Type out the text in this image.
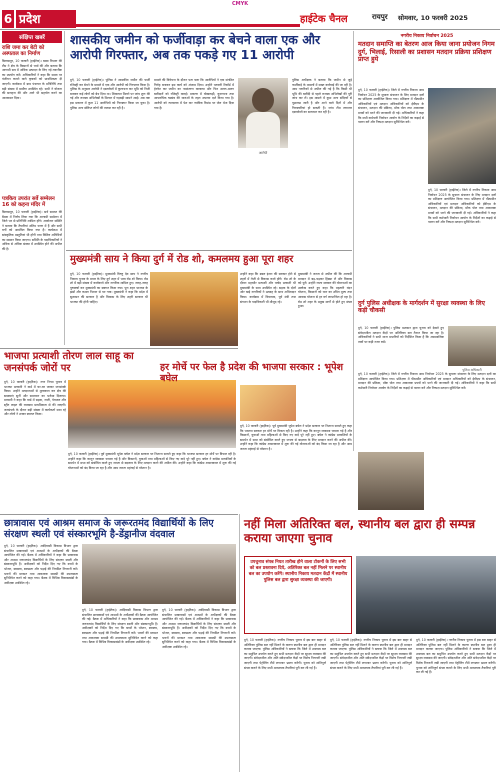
CMYK
6 प्रदेश	हाईटेक चैनल	रायपुर सोमवार, 10 फरवरी 2025
संक्षिप्त खबरें
राशि जमा कर बेटी को अस्पताल का निर्माण
बिलासपुर, 10 फरवरी (हाईटेक)। खाद्य विभाग की टीम ने क्षेत्र के किसानों से चर्चा की और बताया कि आगामी सत्र में अधिक उत्पादन के लिए नई तकनीक का उपयोग करें। अधिकारियों ने कहा कि समय पर पंजीयन कराने वाले कृषकों को प्राथमिकता दी जाएगी। कार्यक्रम में ग्राम पंचायत के प्रतिनिधि तथा बड़ी संख्या में ग्रामीण उपस्थित रहे। सभी ने योजना की सराहना की और आगे भी सहयोग करने का आश्वासन दिया।
पत्रकिय उपरांत सर्वे सम्मेलन 16 को कहना मंदिर में
बिलासपुर, 10 फरवरी (हाईटेक)। सर्व समाज की बैठक में निर्णय लिया गया कि आगामी सम्मेलन में जिले भर से प्रतिनिधि शामिल होंगे। आयोजन समिति ने बताया कि तैयारियां अंतिम चरण में हैं और सभी वर्गों को आमंत्रित किया गया है। कार्यक्रम में सांस्कृतिक प्रस्तुतियां भी होंगी तथा विशिष्ट अतिथियों का सम्मान किया जाएगा। समिति के पदाधिकारियों ने अधिक से अधिक संख्या में उपस्थित होने की अपील की है।
शासकीय जमीन को फर्जीवाड़ा कर बेचने वाला एक और आरोपी गिरफ्तार, अब तक पकड़े गए 11 आरोपी
आरोपी
दुर्ग, 10 फरवरी (हाईटेक)। पुलिस ने शासकीय जमीन की फर्जी रजिस्ट्री कर बेचने के मामले में एक और आरोपी को गिरफ्तार किया है। पुलिस के अनुसार आरोपी ने दस्तावेजों में कूटरचना कर भूमि को निजी बताकर कई लोगों को बेच दिया था। शिकायत मिलने पर जांच शुरू की गई और राजस्व अभिलेखों के मिलान में गड़बड़ी सामने आई। अब तक इस प्रकरण में कुल 11 आरोपियों को गिरफ्तार किया जा चुका है। पुलिस अन्य संलिप्त लोगों की तलाश कर रही है।
मामले की विवेचना के दौरान पता चला कि आरोपियों ने एक संगठित गिरोह बनाकर इस कार्य को अंजाम दिया। उन्होंने पटवारी रिकॉर्ड में हेरफेर कर जमीन का नामांतरण करवाया और फिर अलग-अलग खरीदारों को रजिस्ट्री कराई। प्रकरण में धोखाधड़ी, कूटरचना तथा आपराधिक षड्यंत्र की धाराओं के तहत अपराध दर्ज किया गया है। आरोपी को न्यायालय में पेश कर न्यायिक रिमांड पर जेल भेज दिया गया है।
पुलिस अधीक्षक ने बताया कि जमीन से जुड़े फर्जीवाड़े के मामलों में सख्त कार्रवाई की जा रही है। आम नागरिकों से अपील की गई है कि किसी भी भूमि की खरीदी से पहले राजस्व अभिलेखों की पूरी जांच कर लें। इस मामले में कुछ अन्य संदिग्धों से पूछताछ जारी है और आने वाले दिनों में और गिरफ्तारियां हो सकती हैं। जांच टीम लगातार दस्तावेजों का सत्यापन कर रही है।
नगरीय निकाय निर्वाचन 2025
मतदान समाप्ति का बेतरण आज किया जाना प्रयोजन निगम दुर्ग, भिलाई, रिसाली का प्रशासन मतदान प्रक्रिया प्रशिक्षण प्राप्त हुये
दुर्ग, 10 फरवरी (हाईटेक)। जिले में नगरीय निकाय आम निर्वाचन 2025 के सुचारू संचालन के लिए मतदान दलों का प्रशिक्षण आयोजित किया गया। प्रशिक्षण में पीठासीन अधिकारियों एवं मतदान अधिकारियों को ईवीएम के संचालन, मतदान की प्रक्रिया, मॉक पोल तथा आवश्यक प्रपत्रों को भरने की जानकारी दी गई। अधिकारियों ने कहा कि सभी कर्मचारी निर्वाचन आयोग के निर्देशों का कड़ाई से पालन करें और निष्पक्ष मतदान सुनिश्चित करें।
दुर्ग, 10 फरवरी (हाईटेक)। जिले में नगरीय निकाय आम निर्वाचन 2025 के सुचारू संचालन के लिए मतदान दलों का प्रशिक्षण आयोजित किया गया। प्रशिक्षण में पीठासीन अधिकारियों एवं मतदान अधिकारियों को ईवीएम के संचालन, मतदान की प्रक्रिया, मॉक पोल तथा आवश्यक प्रपत्रों को भरने की जानकारी दी गई। अधिकारियों ने कहा कि सभी कर्मचारी निर्वाचन आयोग के निर्देशों का कड़ाई से पालन करें और निष्पक्ष मतदान सुनिश्चित करें।
दुर्ग पुलिस अधीक्षक के मार्गदर्शन में सुरक्षा व्यवस्था के लिए कड़ी चौकसी
पुलिस अधिकारी
दुर्ग, 10 फरवरी (हाईटेक)। पुलिस प्रशासन द्वारा चुनाव को देखते हुए संवेदनशील मतदान केंद्रों पर अतिरिक्त बल तैनात किया जा रहा है। अधिकारियों ने सभी थाना प्रभारियों को निर्देशित किया है कि असामाजिक तत्वों पर कड़ी नजर रखें।
मुख्यमंत्री साय ने किया दुर्ग में रोड शो, कमलमय हुआ पूरा शहर
दुर्ग, 10 फरवरी (हाईटेक)। मुख्यमंत्री विष्णु देव साय ने नगरीय निकाय चुनाव के प्रचार के लिए दुर्ग शहर में भव्य रोड शो किया। रोड शो में बड़ी संख्या में कार्यकर्ता और नागरिक शामिल हुए। जगह-जगह पुष्पवर्षा कर मुख्यमंत्री का स्वागत किया गया। पूरा शहर भाजपा के झंडों और कमल निशान से पट गया। मुख्यमंत्री ने कहा कि प्रदेश में सुशासन की सरकार है और विकास के लिए शहरी सरकार भी भाजपा की होनी चाहिए।
उन्होंने कहा कि डबल इंजन की सरकार होने से शहरों में तेजी से विकास कार्य होंगे। रोड शो के दौरान महापौर प्रत्याशी और पार्षद प्रत्याशी भी मुख्यमंत्री के साथ उपस्थित रहे। सड़क के दोनों ओर खड़े नागरिकों ने उत्साह के साथ अभिवादन किया। कार्यक्रम में विधायक, पूर्व मंत्री तथा संगठन के पदाधिकारी भी मौजूद रहे।
मुख्यमंत्री ने जनता से अपील की कि आगामी मतदान में बढ़-चढ़कर हिस्सा लें और विकास को चुनें। उन्होंने राज्य सरकार की योजनाओं का उल्लेख करते हुए कहा कि महतारी वंदन योजना, किसानों को धान का उचित मूल्य तथा आवास योजना से हर वर्ग लाभान्वित हो रहा है। रोड शो शहर के प्रमुख मार्गों से होते हुए संपन्न हुआ।
भाजपा प्रत्याशी तोरण लाल साहू का जनसंपर्क जोरों पर
दुर्ग, 10 फरवरी (हाईटेक)। नगर निगम चुनाव में भाजपा प्रत्याशी ने वार्ड में घर-घर जाकर जनसंपर्क किया। उन्होंने मतदाताओं से मुलाकात कर क्षेत्र की समस्याएं सुनीं और समाधान का भरोसा दिलाया। प्रत्याशी ने कहा कि वार्ड में सड़क, नाली, पेयजल और स्ट्रीट लाइट की व्यवस्था प्राथमिकता से की जाएगी। जनसंपर्क के दौरान बड़ी संख्या में कार्यकर्ता साथ रहे और लोगों ने उनका स्वागत किया।
हर मोर्चे पर फेल है प्रदेश की भाजपा सरकार : भूपेश बघेल
दुर्ग, 10 फरवरी (हाईटेक)। पूर्व मुख्यमंत्री भूपेश बघेल ने प्रदेश सरकार पर निशाना साधते हुए कहा कि भाजपा सरकार हर मोर्चे पर विफल रही है। उन्होंने कहा कि कानून व्यवस्था चरमरा गई है और किसानों, युवाओं तथा महिलाओं से किए गए वादे पूरे नहीं हुए। बघेल ने कांग्रेस प्रत्याशियों के समर्थन में सभा को संबोधित करते हुए जनता से बदलाव के लिए मतदान करने की अपील की। उन्होंने कहा कि कांग्रेस शासनकाल में शुरू की गई योजनाओं को बंद किया जा रहा है और आम जनता महंगाई से परेशान है।
दुर्ग, 10 फरवरी (हाईटेक)। पूर्व मुख्यमंत्री भूपेश बघेल ने प्रदेश सरकार पर निशाना साधते हुए कहा कि भाजपा सरकार हर मोर्चे पर विफल रही है। उन्होंने कहा कि कानून व्यवस्था चरमरा गई है और किसानों, युवाओं तथा महिलाओं से किए गए वादे पूरे नहीं हुए। बघेल ने कांग्रेस प्रत्याशियों के समर्थन में सभा को संबोधित करते हुए जनता से बदलाव के लिए मतदान करने की अपील की। उन्होंने कहा कि कांग्रेस शासनकाल में शुरू की गई योजनाओं को बंद किया जा रहा है और आम जनता महंगाई से परेशान है।
दुर्ग, 10 फरवरी (हाईटेक)। जिले में नगरीय निकाय आम निर्वाचन 2025 के सुचारू संचालन के लिए मतदान दलों का प्रशिक्षण आयोजित किया गया। प्रशिक्षण में पीठासीन अधिकारियों एवं मतदान अधिकारियों को ईवीएम के संचालन, मतदान की प्रक्रिया, मॉक पोल तथा आवश्यक प्रपत्रों को भरने की जानकारी दी गई। अधिकारियों ने कहा कि सभी कर्मचारी निर्वाचन आयोग के निर्देशों का कड़ाई से पालन करें और निष्पक्ष मतदान सुनिश्चित करें।
छात्रावास एवं आश्रम समाज के जरूरतमंद विद्यार्थियों के लिए संरक्षण स्थली एवं संस्कारभूमि है-डेंड्रानीज वंदवाल
दुर्ग, 10 फरवरी (हाईटेक)। आदिवासी विकास विभाग द्वारा संचालित छात्रावासों एवं आश्रमों के अधीक्षकों की बैठक आयोजित की गई। बैठक में अधिकारियों ने कहा कि छात्रावास और आश्रम जरूरतमंद विद्यार्थियों के लिए संरक्षण स्थली और संस्कारभूमि हैं। अधीक्षकों को निर्देश दिए गए कि बच्चों के भोजन, स्वास्थ्य, स्वच्छता और पढ़ाई की नियमित निगरानी करें। भवनों की मरम्मत तथा आवश्यक सामग्री की उपलब्धता सुनिश्चित करने को कहा गया। बैठक में विभिन्न विकासखंडों के अधीक्षक उपस्थित रहे।
दुर्ग, 10 फरवरी (हाईटेक)। आदिवासी विकास विभाग द्वारा संचालित छात्रावासों एवं आश्रमों के अधीक्षकों की बैठक आयोजित की गई। बैठक में अधिकारियों ने कहा कि छात्रावास और आश्रम जरूरतमंद विद्यार्थियों के लिए संरक्षण स्थली और संस्कारभूमि हैं। अधीक्षकों को निर्देश दिए गए कि बच्चों के भोजन, स्वास्थ्य, स्वच्छता और पढ़ाई की नियमित निगरानी करें। भवनों की मरम्मत तथा आवश्यक सामग्री की उपलब्धता सुनिश्चित करने को कहा गया। बैठक में विभिन्न विकासखंडों के अधीक्षक उपस्थित रहे।
दुर्ग, 10 फरवरी (हाईटेक)। आदिवासी विकास विभाग द्वारा संचालित छात्रावासों एवं आश्रमों के अधीक्षकों की बैठक आयोजित की गई। बैठक में अधिकारियों ने कहा कि छात्रावास और आश्रम जरूरतमंद विद्यार्थियों के लिए संरक्षण स्थली और संस्कारभूमि हैं। अधीक्षकों को निर्देश दिए गए कि बच्चों के भोजन, स्वास्थ्य, स्वच्छता और पढ़ाई की नियमित निगरानी करें। भवनों की मरम्मत तथा आवश्यक सामग्री की उपलब्धता सुनिश्चित करने को कहा गया। बैठक में विभिन्न विकासखंडों के अधीक्षक उपस्थित रहे।
नहीं मिला अतिरिक्त बल, स्थानीय बल द्वारा ही सम्पन्न कराया जाएगा चुनाव
उपचुनाव संपन्न नियत तारीख होने वाला टोकनों के लिए सभी को बल प्रस्तावना दिये, अतिरिक्त बल नहीं मिलने पर स्थानीय बल का उपयोग करेंगे। स्थानीय निकाय मतदान केंद्रों में स्थानीय पुलिस बल द्वारा सुरक्षा व्यवस्था की जाएगी।
दुर्ग, 10 फरवरी (हाईटेक)। नगरीय निकाय चुनाव में इस बार बाहर से अतिरिक्त पुलिस बल नहीं मिलने के कारण स्थानीय बल द्वारा ही मतदान कराया जाएगा। पुलिस अधिकारियों ने बताया कि जिले में उपलब्ध बल का समुचित उपयोग करते हुए सभी मतदान केंद्रों पर सुरक्षा व्यवस्था की जाएगी। संवेदनशील और अति संवेदनशील केंद्रों पर विशेष निगरानी रखी जाएगी तथा पेट्रोलिंग टीमें लगातार भ्रमण करेंगी। चुनाव को शांतिपूर्ण संपन्न कराने के लिए सभी आवश्यक तैयारियां पूरी कर ली गई हैं।
दुर्ग, 10 फरवरी (हाईटेक)। नगरीय निकाय चुनाव में इस बार बाहर से अतिरिक्त पुलिस बल नहीं मिलने के कारण स्थानीय बल द्वारा ही मतदान कराया जाएगा। पुलिस अधिकारियों ने बताया कि जिले में उपलब्ध बल का समुचित उपयोग करते हुए सभी मतदान केंद्रों पर सुरक्षा व्यवस्था की जाएगी। संवेदनशील और अति संवेदनशील केंद्रों पर विशेष निगरानी रखी जाएगी तथा पेट्रोलिंग टीमें लगातार भ्रमण करेंगी। चुनाव को शांतिपूर्ण संपन्न कराने के लिए सभी आवश्यक तैयारियां पूरी कर ली गई हैं।
दुर्ग, 10 फरवरी (हाईटेक)। नगरीय निकाय चुनाव में इस बार बाहर से अतिरिक्त पुलिस बल नहीं मिलने के कारण स्थानीय बल द्वारा ही मतदान कराया जाएगा। पुलिस अधिकारियों ने बताया कि जिले में उपलब्ध बल का समुचित उपयोग करते हुए सभी मतदान केंद्रों पर सुरक्षा व्यवस्था की जाएगी। संवेदनशील और अति संवेदनशील केंद्रों पर विशेष निगरानी रखी जाएगी तथा पेट्रोलिंग टीमें लगातार भ्रमण करेंगी। चुनाव को शांतिपूर्ण संपन्न कराने के लिए सभी आवश्यक तैयारियां पूरी कर ली गई हैं।
